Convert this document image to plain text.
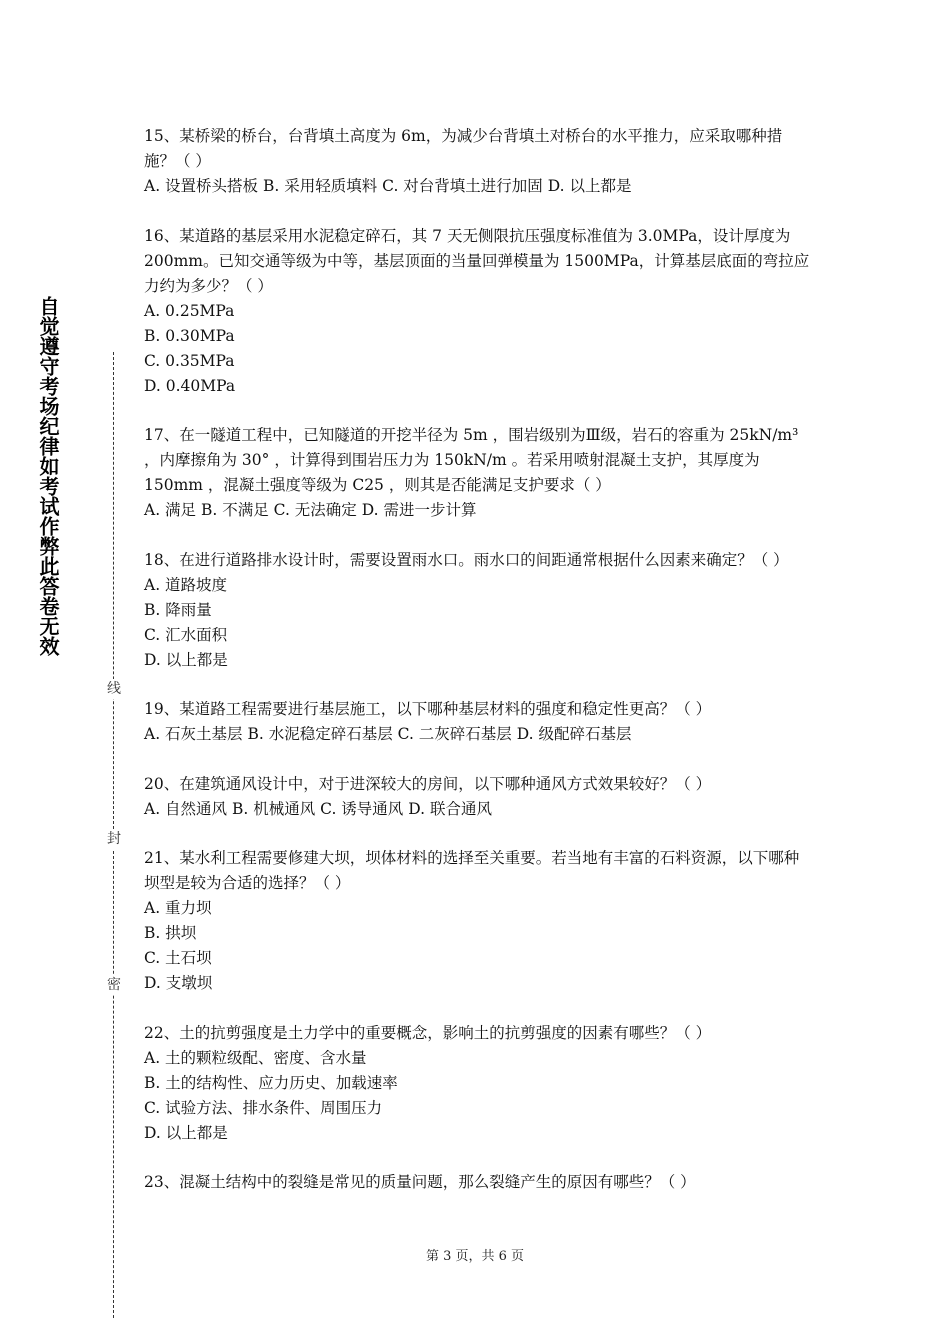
自觉遵守考场纪律如考试作弊此答卷无效
线
封
密

15、某桥梁的桥台，台背填土高度为 6m，为减少台背填土对桥台的水平推力，应采取哪种措施？（ ）

A. 设置桥头搭板 B. 采用轻质填料 C. 对台背填土进行加固 D. 以上都是

16、某道路的基层采用水泥稳定碎石，其 7 天无侧限抗压强度标准值为 3.0MPa，设计厚度为 200mm。已知交通等级为中等，基层顶面的当量回弹模量为 1500MPa，计算基层底面的弯拉应力约为多少？（ ）

A. 0.25MPa

B. 0.30MPa

C. 0.35MPa

D. 0.40MPa

17、在一隧道工程中，已知隧道的开挖半径为 5m ，围岩级别为Ⅲ级，岩石的容重为 25kN/m³ ，内摩擦角为 30° ，计算得到围岩压力为 150kN/m 。若采用喷射混凝土支护，其厚度为 150mm ，混凝土强度等级为 C25 ，则其是否能满足支护要求（ ）

A. 满足 B. 不满足 C. 无法确定 D. 需进一步计算

18、在进行道路排水设计时，需要设置雨水口。雨水口的间距通常根据什么因素来确定？（ ）

A. 道路坡度

B. 降雨量

C. 汇水面积

D. 以上都是

19、某道路工程需要进行基层施工，以下哪种基层材料的强度和稳定性更高？（ ）

A. 石灰土基层 B. 水泥稳定碎石基层 C. 二灰碎石基层 D. 级配碎石基层

20、在建筑通风设计中，对于进深较大的房间，以下哪种通风方式效果较好？（ ）

A. 自然通风 B. 机械通风 C. 诱导通风 D. 联合通风

21、某水利工程需要修建大坝，坝体材料的选择至关重要。若当地有丰富的石料资源，以下哪种坝型是较为合适的选择？（ ）

A. 重力坝

B. 拱坝

C. 土石坝

D. 支墩坝

22、土的抗剪强度是土力学中的重要概念，影响土的抗剪强度的因素有哪些？（ ）

A. 土的颗粒级配、密度、含水量

B. 土的结构性、应力历史、加载速率

C. 试验方法、排水条件、周围压力

D. 以上都是

23、混凝土结构中的裂缝是常见的质量问题，那么裂缝产生的原因有哪些？（ ）

第 3 页，共 6 页
